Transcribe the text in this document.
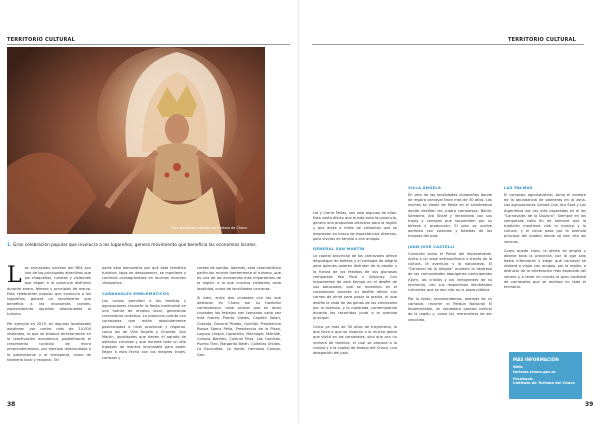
TERRITORIO CULTURAL
Foto gentileza Instituto de Turismo de Chaco
1. Gran celebración popular que involucra a los lugareños, genera movimiento que beneficia las economías locales.

Los carnavales sureños del NEA son uno de los principales atractivos que los chaqueños, turistas y visitantes que llegan a la provincia disfrutan durante enero, febrero y principios de marzo. Esta celebración popular que involucra a los lugareños, genera un movimiento que beneficia a las economías locales, especialmente aquellas relacionadas al turismo.

Por ejemplo en 2019, en algunas localidades asistieron por noche más de 10.000 visitantes, lo que se traduce directamente en la reactivación económica, posibilitando el crecimiento turístico de micro emprendimientos, por ejemplo relacionados a la gastronomía y al transporte, como de hotelería local y regional. Tal

parte esto demuestra por qué esta temática turística, lejos de desaparecer, se mantiene y continúa consagrándose en muchos rincones chaqueños.

CARNAVALES EMBLEMÁTICOS

Los corsos permiten a las familias y agrupaciones convertir la fiesta tradicional en una fuente de empleo local, generando crecimiento colectivo. La provincia cuenta con carnavales que están absolutamente posicionados a nivel provincial y regional, como los de Villa Ángela y Charata. San Martín, localidades que tienen el agrado de ostentar circuitos y que durante todo un año trabajan de manera incansable para poder llegar a esta fecha con los mejores trajes, carrozas y

coreos de samba. Además, esta característica particular mueve fuertemente el turismo, que es una de las economías más importantes de la región, a lo que muchos visitantes cada localidad, como de localidades cercanas.

Si bien, entre dos ciudades con las que destacan en Chaco por su tradición carnavalesca, cabe aclarar que en otras ciudades los festejos van tomando cada vez más fuerza: Puerto Vilelas, Capitán Solari, Charata, General Pinedo, Quitilipi, Presidencia Roque Sáenz Peña, Presidencia de la Plaza, Laguna Limpia, Lapachito, Machagai, Makallé, Colonia Benítez, Colonia Elisa, Las Garcitas, Puerto Tirol, Margarita Belén, Colonias Unidas, La Escondida, La Verde, Hermoso Campo, Gen-

38
TERRITORIO CULTURAL

cia y Cierro Pellas, son solo algunas de ellas. Esta vasta oferta que brinda toda la provincia, genera una propuesta atractiva para la región y que atrae a miles de visitantes que se desplazan en busca de espectáculos diversos, para vivirlas en familia o con amigos.

GENERAL SAN MARTÍN

La capital provincial de los carnavales ofrece despliegue de belleza y el contagio de alegría para quienes quieren disfrutar de la pasión y la fuerza de los festejos de sus gloriosas comparsas Yasi Porá y Sapucay. Con importantes de este tiempo en el desfile de sus batucadas, que se muestran en el corsódromo durante su desfile oficial con carnes de pinta para pasar la previa, el que desfila la vista de las ganas de los carnavales por la avenida, y la mostrada, contemplando durante los recorridos junto a la avenida principal.

Cerca ya más de 30 años de trayectoria, lo que lleva a que se inspiran a la mucha gente que visitó en los carnavales, sino que con un número de familias, el cual se prepara a la ciudad y a la capital de festejo del Chaco, una delegación del país.

VILLA ÁNGELA

En otra de las localidades chaqueñas donde se respira carnaval hace más de 30 años. Las noches se visten de fiesta en el corsódromo donde desfilan las cuatro comparsas: Bahía, Sambera, Ará Sharé y Verantiana con sus trajes y carrozas que sorprenden por su belleza y producción. El plan se vuelve perfecto con comidas y bebidas de las mejores del país.

JUAN JOSÉ CASTELLI

Conocido como el Portal del Impenetrable, invita a un viaje extraordinario a través de la cultura, la aventura y la naturaleza. El "Carnaval de la Alegría" muestra la destreza de las comunidades aborígenes participantes (Qom, los criollos y los inmigrantes de su territorio), con sus respectivas identidades culturales que se dan cita en la plaza pública.

Por lo tanto, recomendamos, además de su carnaval, recorrer el Parque Nacional El Impenetrable, un verdadero paraíso natural de la región y, como tal, merecedora de ser conocida.

LAS PALMAS

El complejo agroindustrial, toma el nombre de la abundancia de palmeras en la zona. Las agrupaciones Cambá Cuá, Ara Sorá y Los Argentinos son las más esperadas en el los "Carnavales de la Dulzura". Siempre en las comparsas cada fin de semana que la tradición mantiene viva la música y la cultura, y el corso pasa por la avenida principal del pueblo donde se dan cita los vecinos.

Como queda claro, la oferta es amplia y abarca toda la provincia, por lo que solo basta informarse y elegir qué carnaval se visitará a viajar con amigos, por la región, a disfrutar de la celebración más esperada del verano y a tener en cuenta la gran cantidad de carnavales que se realizan en todo el territorio.

39
MÁS INFORMACIÓN
Web:
turismo.chaco.gov.ar
Facebook:
Instituto de Turismo del Chaco
